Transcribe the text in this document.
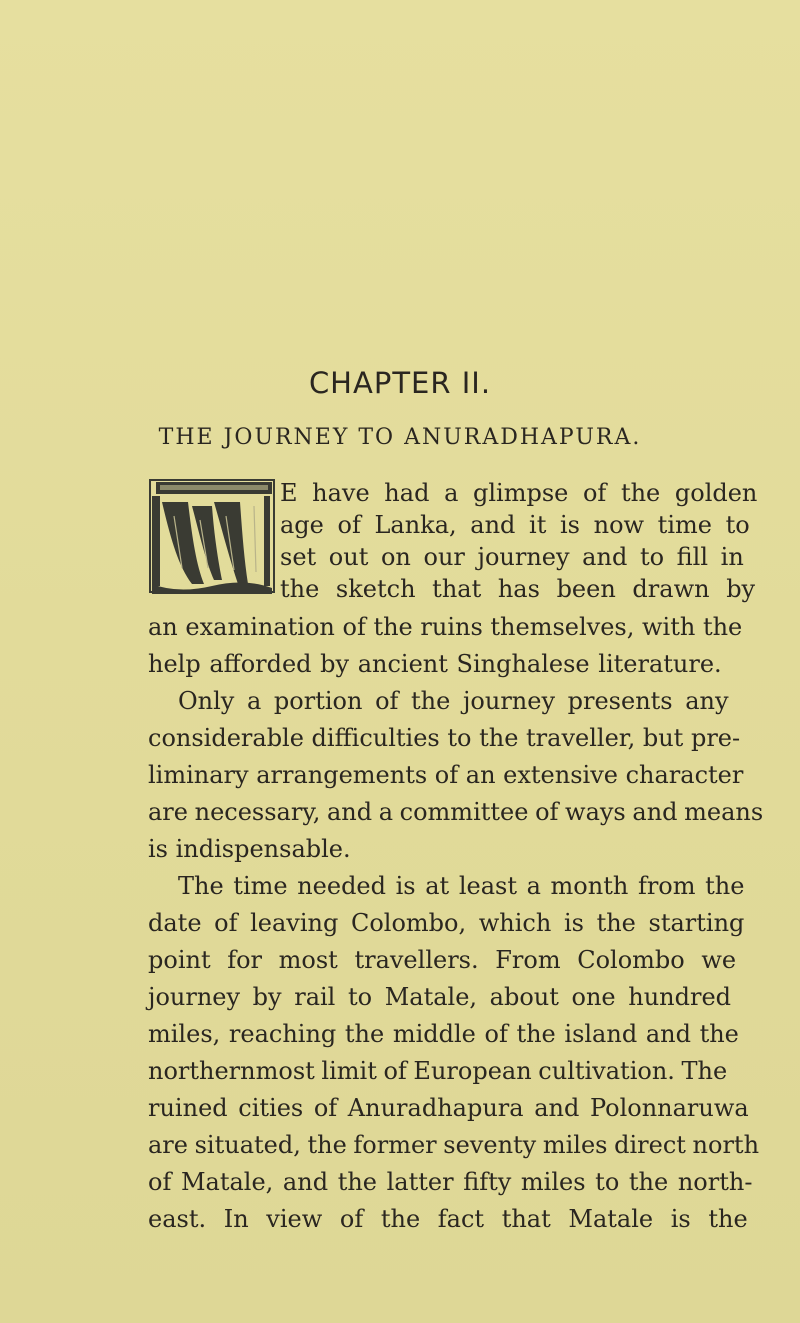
CHAPTER II.
THE JOURNEY TO ANURADHAPURA.
E have had a glimpse of the golden
age of Lanka, and it is now time to
set out on our journey and to fill in
the sketch that has been drawn by
an examination of the ruins themselves, with the
help afforded by ancient Singhalese literature.
Only a portion of the journey presents any
considerable difficulties to the traveller, but pre-
liminary arrangements of an extensive character
are necessary, and a committee of ways and means
is indispensable.
The time needed is at least a month from the
date of leaving Colombo, which is the starting
point for most travellers. From Colombo we
journey by rail to Matale, about one hundred
miles, reaching the middle of the island and the
northernmost limit of European cultivation. The
ruined cities of Anuradhapura and Polonnaruwa
are situated, the former seventy miles direct north
of Matale, and the latter fifty miles to the north-
east. In view of the fact that Matale is the
